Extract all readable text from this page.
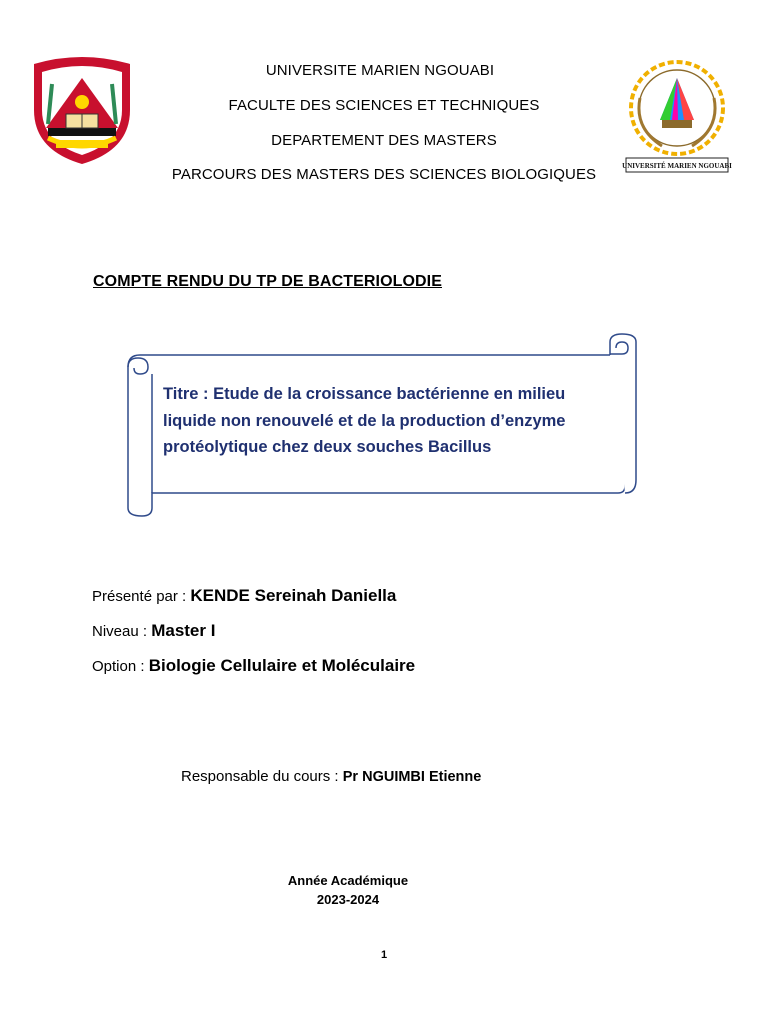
UNIVERSITÉ MARIEN NGOUABI
UNIVERSITE MARIEN NGOUABI
FACULTE DES SCIENCES ET TECHNIQUES
DEPARTEMENT DES MASTERS
PARCOURS DES MASTERS DES SCIENCES BIOLOGIQUES
COMPTE RENDU DU TP DE BACTERIOLODIE
Titre : Etude de la croissance bactérienne en milieu
liquide non renouvelé et de la production d’enzyme
protéolytique chez deux souches Bacillus
Présenté par : KENDE Sereinah Daniella
Niveau : Master I
Option : Biologie Cellulaire et Moléculaire
Responsable du cours : Pr NGUIMBI Etienne
Année Académique
2023-2024
1
